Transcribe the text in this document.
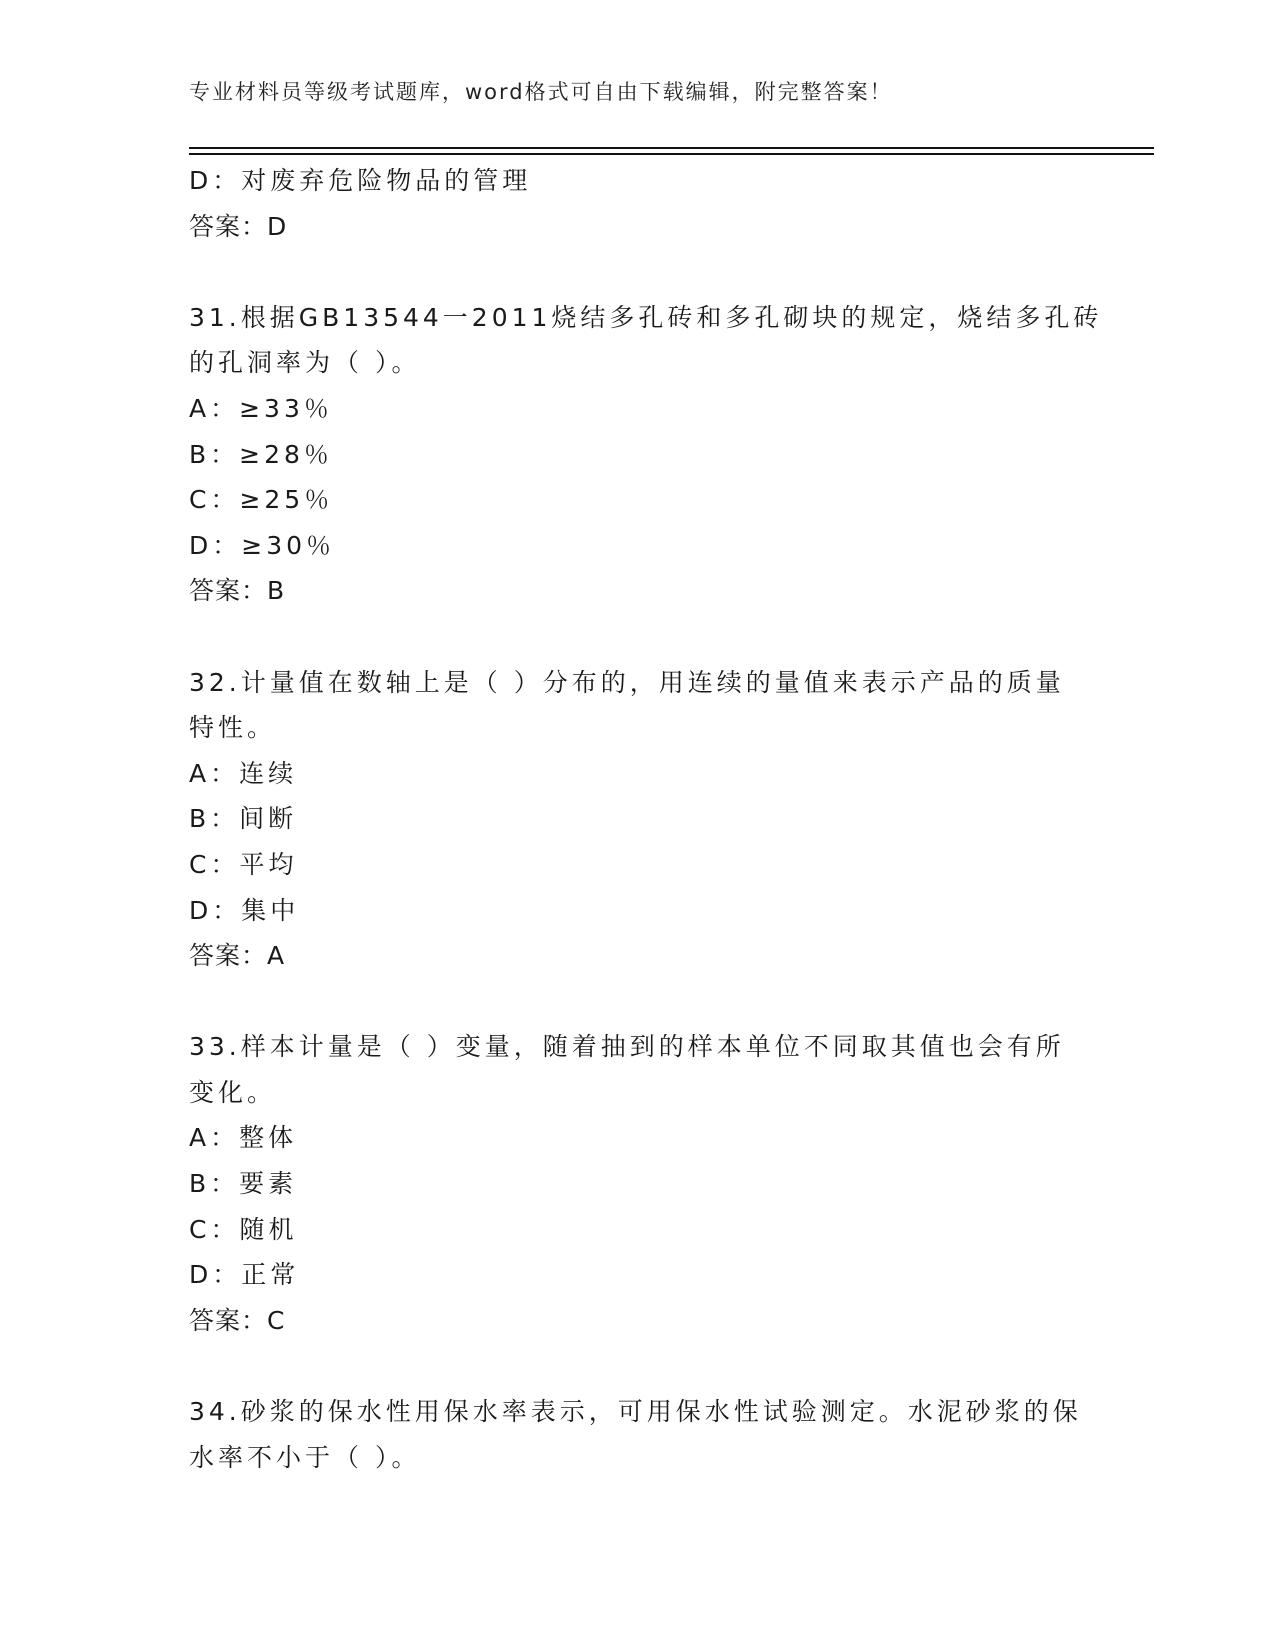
专业材料员等级考试题库，word格式可自由下载编辑，附完整答案！
D：对废弃危险物品的管理
答案：D
31.根据GB13544一2011烧结多孔砖和多孔砌块的规定，烧结多孔砖
的孔洞率为（ ）。
A：≥33％
B：≥28％
C：≥25％
D：≥30％
答案：B
32.计量值在数轴上是（ ）分布的，用连续的量值来表示产品的质量
特性。
A：连续
B：间断
C：平均
D：集中
答案：A
33.样本计量是（ ）变量，随着抽到的样本单位不同取其值也会有所
变化。
A：整体
B：要素
C：随机
D：正常
答案：C
34.砂浆的保水性用保水率表示，可用保水性试验测定。水泥砂浆的保
水率不小于（ ）。
